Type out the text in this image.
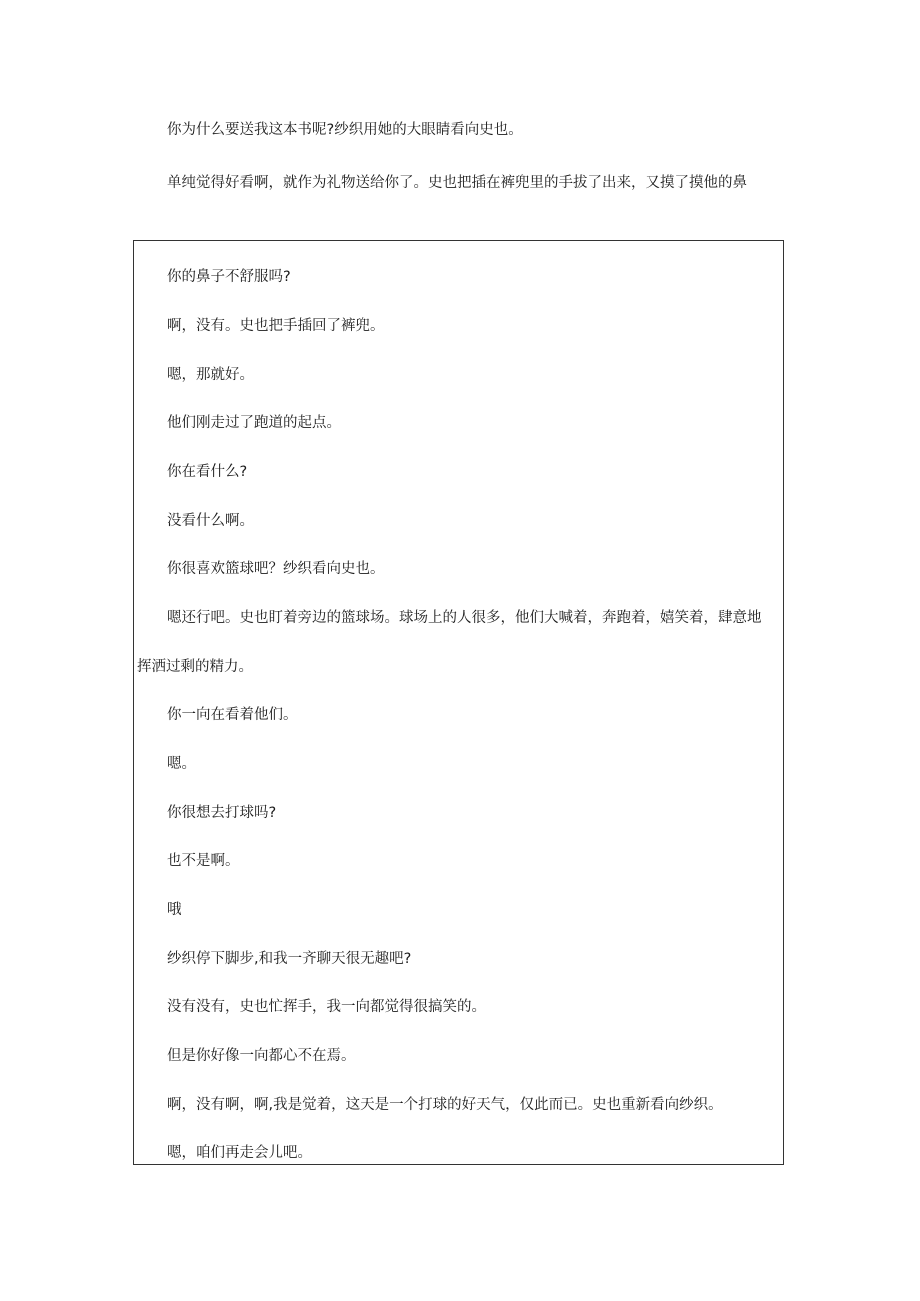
你为什么要送我这本书呢?纱织用她的大眼睛看向史也。
单纯觉得好看啊，就作为礼物送给你了。史也把插在裤兜里的手拔了出来，又摸了摸他的鼻
你的鼻子不舒服吗?
啊，没有。史也把手插回了裤兜。
嗯，那就好。
他们刚走过了跑道的起点。
你在看什么?
没看什么啊。
你很喜欢篮球吧？纱织看向史也。
嗯还行吧。史也盯着旁边的篮球场。球场上的人很多，他们大喊着，奔跑着，嬉笑着，肆意地
挥洒过剩的精力。
你一向在看着他们。
嗯。
你很想去打球吗?
也不是啊。
哦
纱织停下脚步,和我一齐聊天很无趣吧?
没有没有，史也忙挥手，我一向都觉得很搞笑的。
但是你好像一向都心不在焉。
啊，没有啊，啊,我是觉着，这天是一个打球的好天气，仅此而已。史也重新看向纱织。
嗯，咱们再走会儿吧。
